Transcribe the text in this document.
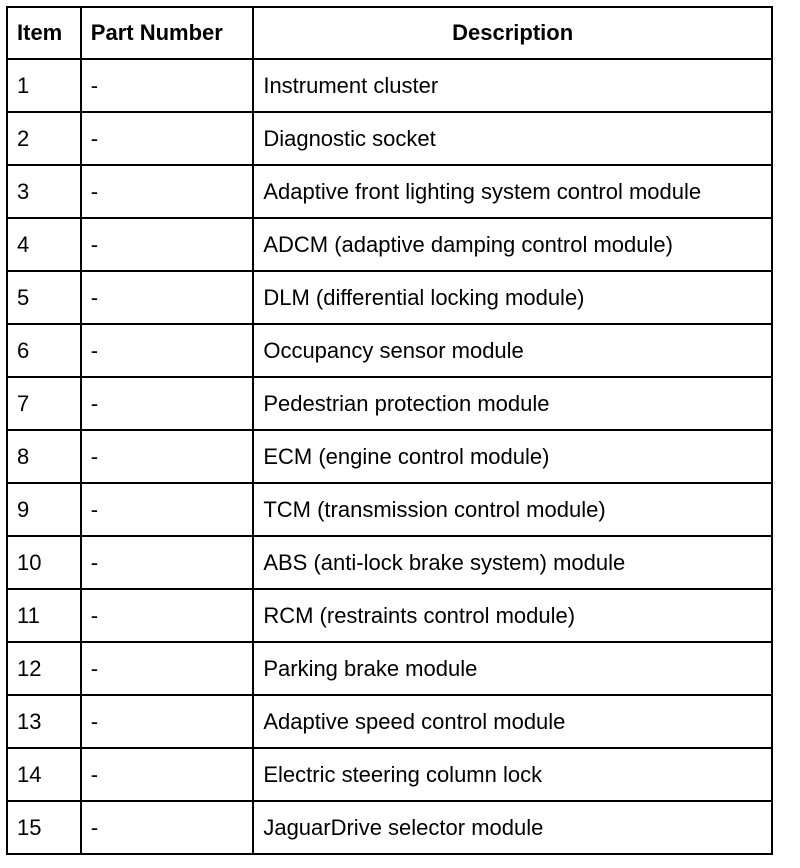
Item	Part Number	Description
1	-	Instrument cluster
2	-	Diagnostic socket
3	-	Adaptive front lighting system control module
4	-	ADCM (adaptive damping control module)
5	-	DLM (differential locking module)
6	-	Occupancy sensor module
7	-	Pedestrian protection module
8	-	ECM (engine control module)
9	-	TCM (transmission control module)
10	-	ABS (anti-lock brake system) module
11	-	RCM (restraints control module)
12	-	Parking brake module
13	-	Adaptive speed control module
14	-	Electric steering column lock
15	-	JaguarDrive selector module
